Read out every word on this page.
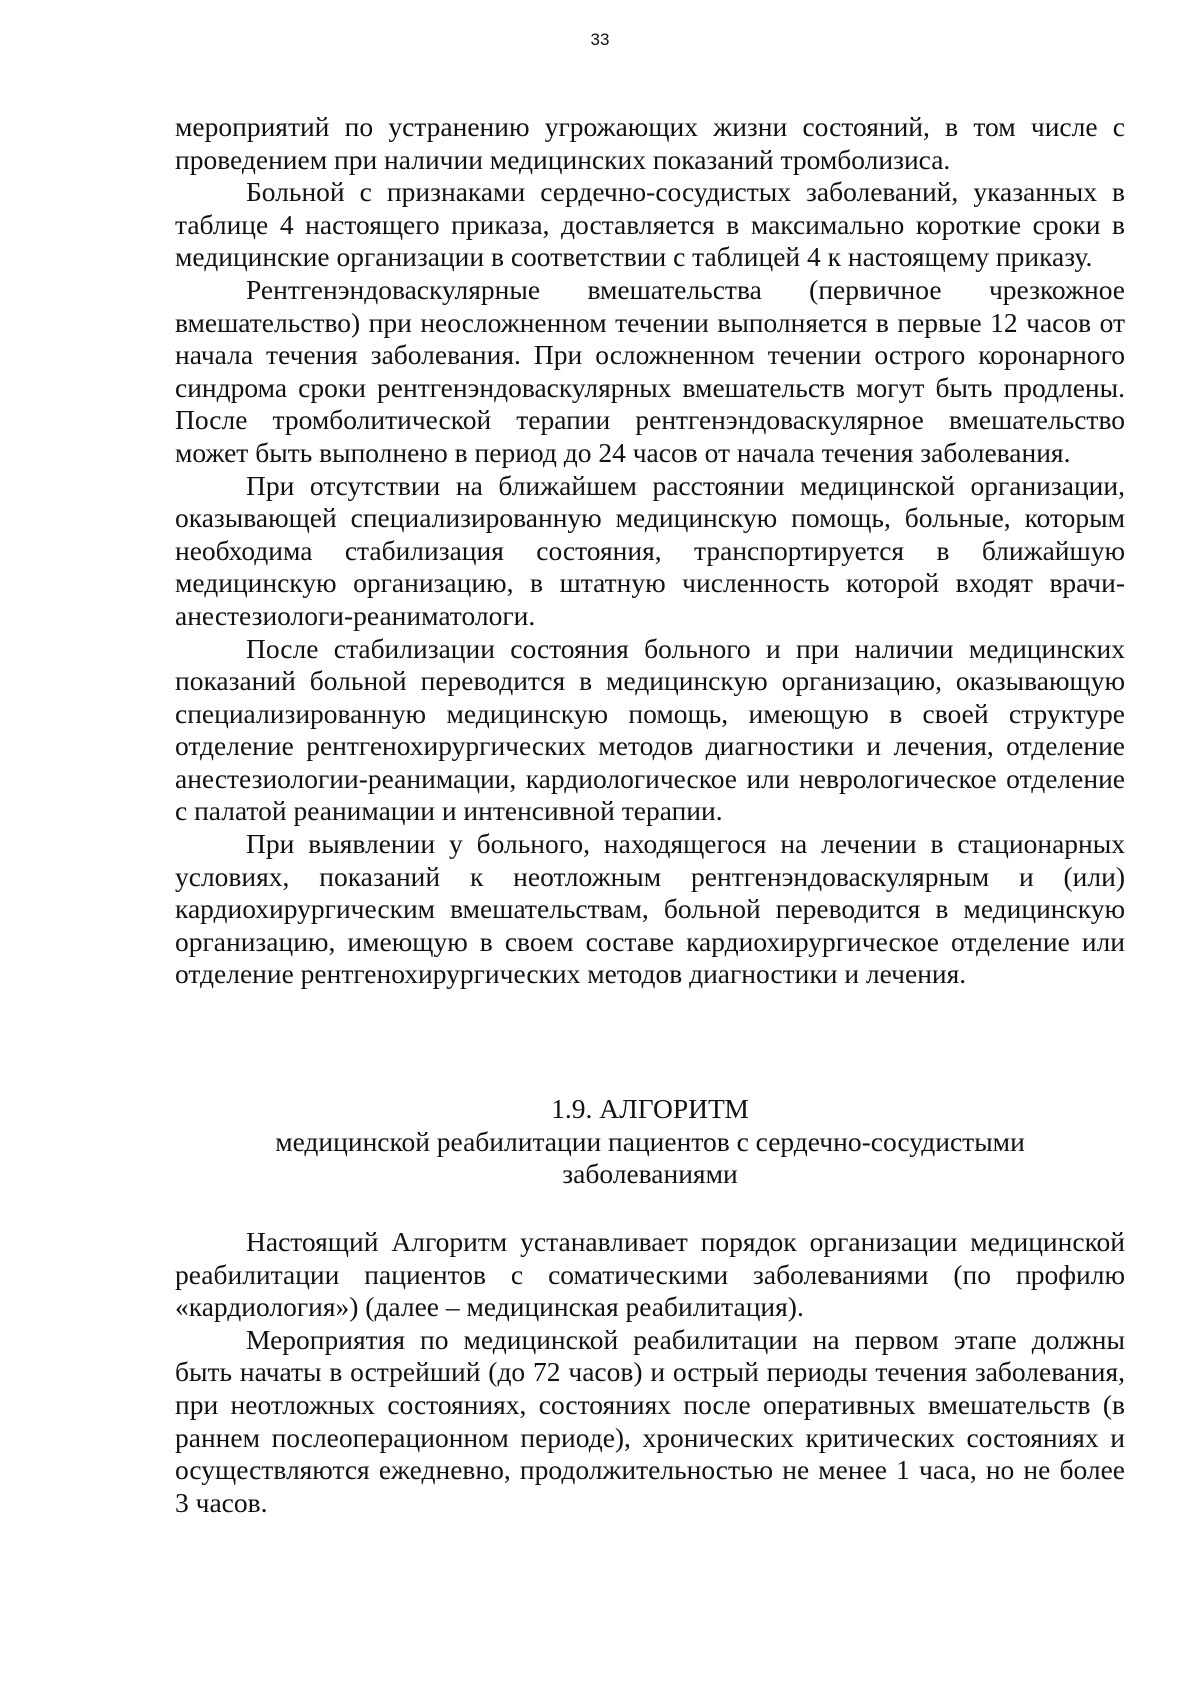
33

мероприятий по устранению угрожающих жизни состояний, в том числе с проведением при наличии медицинских показаний тромболизиса.

Больной с признаками сердечно-сосудистых заболеваний, указанных в таблице 4 настоящего приказа, доставляется в максимально короткие сроки в медицинские организации в соответствии с таблицей 4 к настоящему приказу.

Рентгенэндоваскулярные вмешательства (первичное чрезкожное вмешательство) при неосложненном течении выполняется в первые 12 часов от начала течения заболевания. При осложненном течении острого коронарного синдрома сроки рентгенэндоваскулярных вмешательств могут быть продлены. После тромболитической терапии рентгенэндоваскулярное вмешательство может быть выполнено в период до 24 часов от начала течения заболевания.

При отсутствии на ближайшем расстоянии медицинской организации, оказывающей специализированную медицинскую помощь, больные, которым необходима стабилизация состояния, транспортируется в ближайшую медицинскую организацию, в штатную численность которой входят врачи-анестезиологи-реаниматологи.

После стабилизации состояния больного и при наличии медицинских показаний больной переводится в медицинскую организацию, оказывающую специализированную медицинскую помощь, имеющую в своей структуре отделение рентгенохирургических методов диагностики и лечения, отделение анестезиологии-реанимации, кардиологическое или неврологическое отделение с палатой реанимации и интенсивной терапии.

При выявлении у больного, находящегося на лечении в стационарных условиях, показаний к неотложным рентгенэндоваскулярным и (или) кардиохирургическим вмешательствам, больной переводится в медицинскую организацию, имеющую в своем составе кардиохирургическое отделение или отделение рентгенохирургических методов диагностики и лечения.

1.9. АЛГОРИТМ
медицинской реабилитации пациентов с сердечно-сосудистыми
заболеваниями

Настоящий Алгоритм устанавливает порядок организации медицинской реабилитации пациентов с соматическими заболеваниями (по профилю «кардиология») (далее – медицинская реабилитация).

Мероприятия по медицинской реабилитации на первом этапе должны быть начаты в острейший (до 72 часов) и острый периоды течения заболевания, при неотложных состояниях, состояниях после оперативных вмешательств (в раннем послеоперационном периоде), хронических критических состояниях и осуществляются ежедневно, продолжительностью не менее 1 часа, но не более 3 часов.
